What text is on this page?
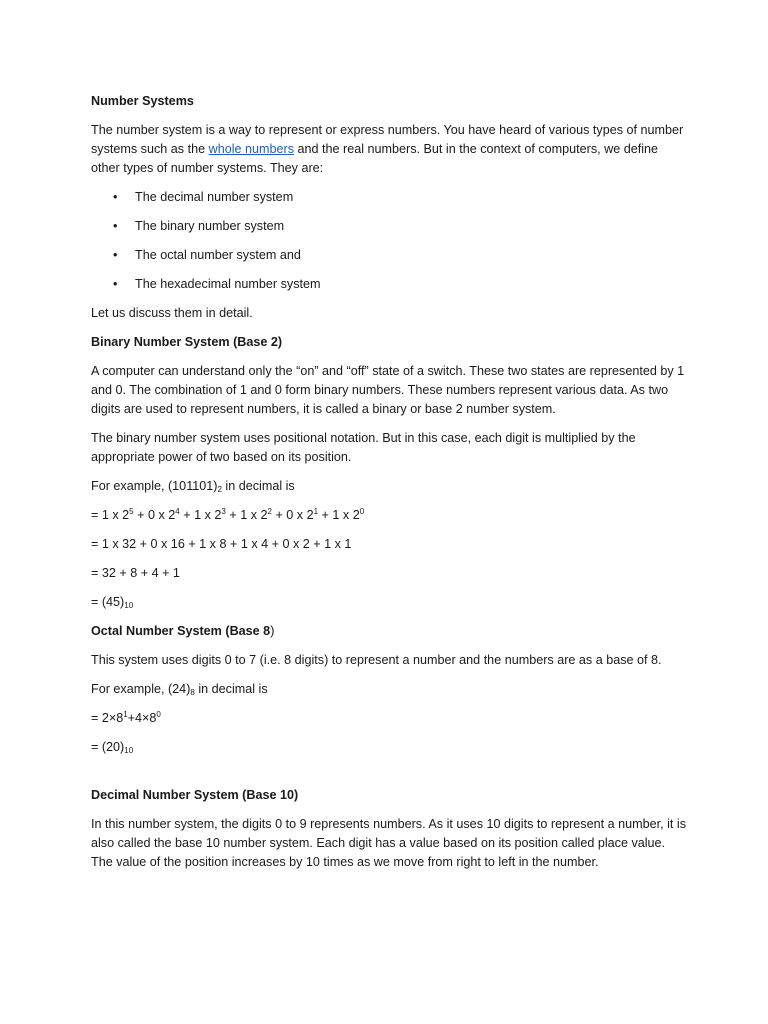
Number Systems

The number system is a way to represent or express numbers. You have heard of various types of number systems such as the whole numbers and the real numbers. But in the context of computers, we define other types of number systems. They are:

• The decimal number system
• The binary number system
• The octal number system and
• The hexadecimal number system

Let us discuss them in detail.

Binary Number System (Base 2)

A computer can understand only the “on” and “off” state of a switch. These two states are represented by 1 and 0. The combination of 1 and 0 form binary numbers. These numbers represent various data. As two digits are used to represent numbers, it is called a binary or base 2 number system.

The binary number system uses positional notation. But in this case, each digit is multiplied by the appropriate power of two based on its position.

For example, $(101101)_2$ in decimal is

= 1 x $2^5 + 0$ x $2^4 + 1$ x $2^3 + 1$ x $2^2 + 0$ x $2^1 + 1$ x $2^0$

= 1 x 32 + 0 x 16 + 1 x 8 + 1 x 4 + 0 x 2 + 1 x 1

= 32 + 8 + 4 + 1

= $(45)_{10}$

Octal Number System (Base 8)

This system uses digits 0 to 7 (i.e. 8 digits) to represent a number and the numbers are as a base of 8.

For example, $(24)_8$ in decimal is

= $2\times 8^1+4\times 8^0$

= $(20)_{10}$

Decimal Number System (Base 10)

In this number system, the digits 0 to 9 represents numbers. As it uses 10 digits to represent a number, it is also called the base 10 number system. Each digit has a value based on its position called place value. The value of the position increases by 10 times as we move from right to left in the number.
